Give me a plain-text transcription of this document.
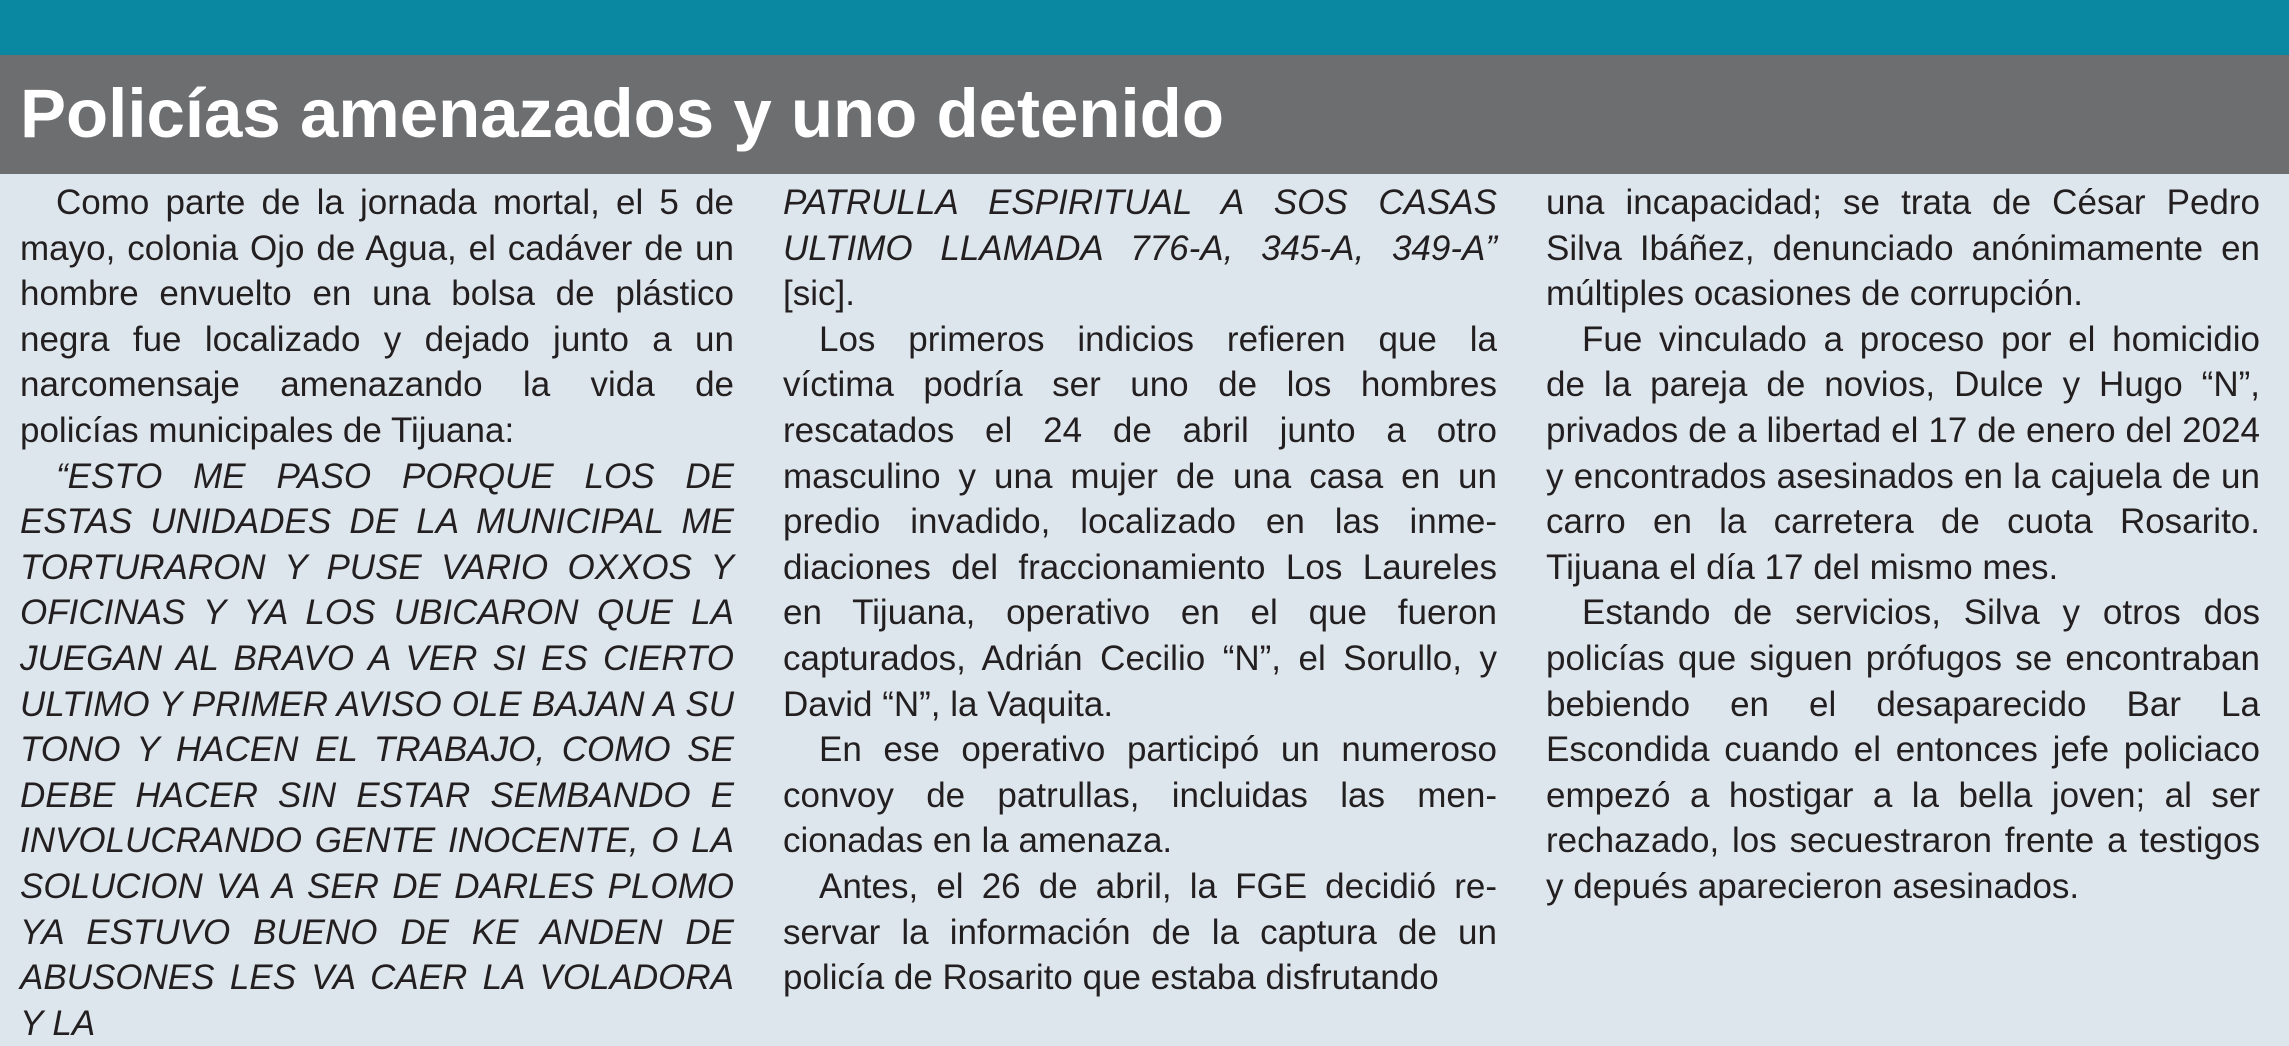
Policías amenazados y uno detenido

Como parte de la jornada mortal, el 5 de mayo, colonia Ojo de Agua, el cadáver de un hombre envuelto en una bolsa de plástico negra fue localizado y dejado junto a un narcomensaje amenazando la vida de policías municipales de Tijuana:

“ESTO ME PASO PORQUE LOS DE ESTAS UNIDADES DE LA MUNICIPAL ME TORTURARON Y PUSE VARIO OXXOS Y OFICINAS Y YA LOS UBICARON QUE LA JUEGAN AL BRAVO A VER SI ES CIERTO ULTIMO Y PRIMER AVISO OLE BAJAN A SU TONO Y HACEN EL TRABAJO, COMO SE DEBE HACER SIN ESTAR SEMBANDO E INVOLUCRANDO GENTE INOCENTE, O LA SOLUCION VA A SER DE DARLES PLOMO YA ESTUVO BUENO DE KE ANDEN DE ABUSONES LES VA CAER LA VOLADORA Y LA

PATRULLA ESPIRITUAL A SOS CASAS ULTIMO LLAMADA 776-A, 345-A, 349-A” [sic].

Los primeros indicios refieren que la víctima podría ser uno de los hombres rescatados el 24 de abril junto a otro masculino y una mujer de una casa en un predio invadido, localizado en las inmediaciones del fraccionamiento Los Laureles en Tijuana, operativo en el que fueron capturados, Adrián Cecilio “N”, el Sorullo, y David “N”, la Vaquita.

En ese operativo participó un numeroso convoy de patrullas, incluidas las mencionadas en la amenaza.

Antes, el 26 de abril, la FGE decidió reservar la información de la captura de un policía de Rosarito que estaba disfrutando

una incapacidad; se trata de César Pedro Silva Ibáñez, denunciado anónimamente en múltiples ocasiones de corrupción.

Fue vinculado a proceso por el homicidio de la pareja de novios, Dulce y Hugo “N”, privados de a libertad el 17 de enero del 2024 y encontrados asesinados en la cajuela de un carro en la carretera de cuota Rosarito. Tijuana el día 17 del mismo mes.

Estando de servicios, Silva y otros dos policías que siguen prófugos se encontraban bebiendo en el desaparecido Bar La Escondida cuando el entonces jefe policiaco empezó a hostigar a la bella joven; al ser rechazado, los secuestraron frente a testigos y depués aparecieron asesinados.
